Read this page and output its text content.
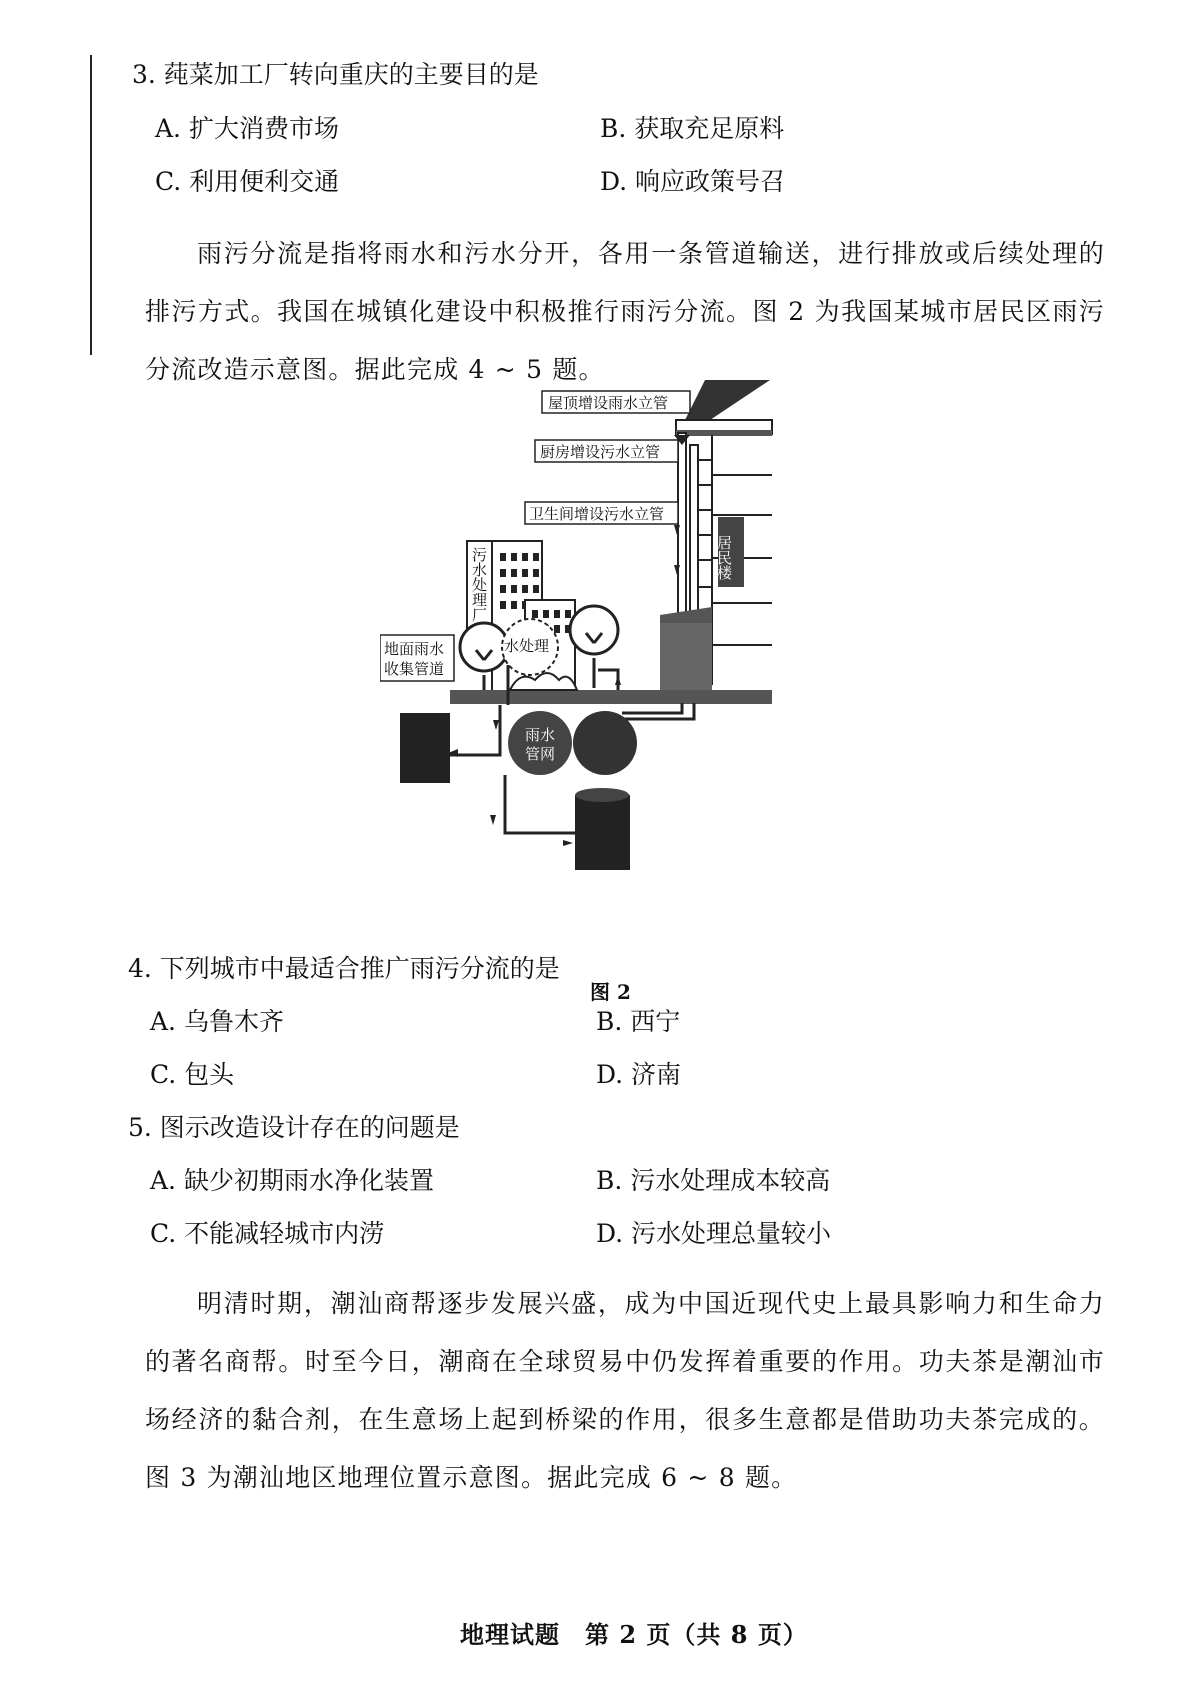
3. 莼菜加工厂转向重庆的主要目的是
A. 扩大消费市场	B. 获取充足原料
C. 利用便利交通	D. 响应政策号召
雨污分流是指将雨水和污水分开，各用一条管道输送，进行排放或后续处理的排污方式。我国在城镇化建设中积极推行雨污分流。图 2 为我国某城市居民区雨污分流改造示意图。据此完成 4 ~ 5 题。
屋顶增设雨水立管
厨房增设污水立管
卫生间增设污水立管
居民楼
污水处理厂
地面雨水
收集管道
水处理
雨水
管网
图 2
4. 下列城市中最适合推广雨污分流的是
A. 乌鲁木齐	B. 西宁
C. 包头	D. 济南
5. 图示改造设计存在的问题是
A. 缺少初期雨水净化装置	B. 污水处理成本较高
C. 不能减轻城市内涝	D. 污水处理总量较小
明清时期，潮汕商帮逐步发展兴盛，成为中国近现代史上最具影响力和生命力的著名商帮。时至今日，潮商在全球贸易中仍发挥着重要的作用。功夫茶是潮汕市场经济的黏合剂，在生意场上起到桥梁的作用，很多生意都是借助功夫茶完成的。图 3 为潮汕地区地理位置示意图。据此完成 6 ~ 8 题。
地理试题　第 2 页（共 8 页）
